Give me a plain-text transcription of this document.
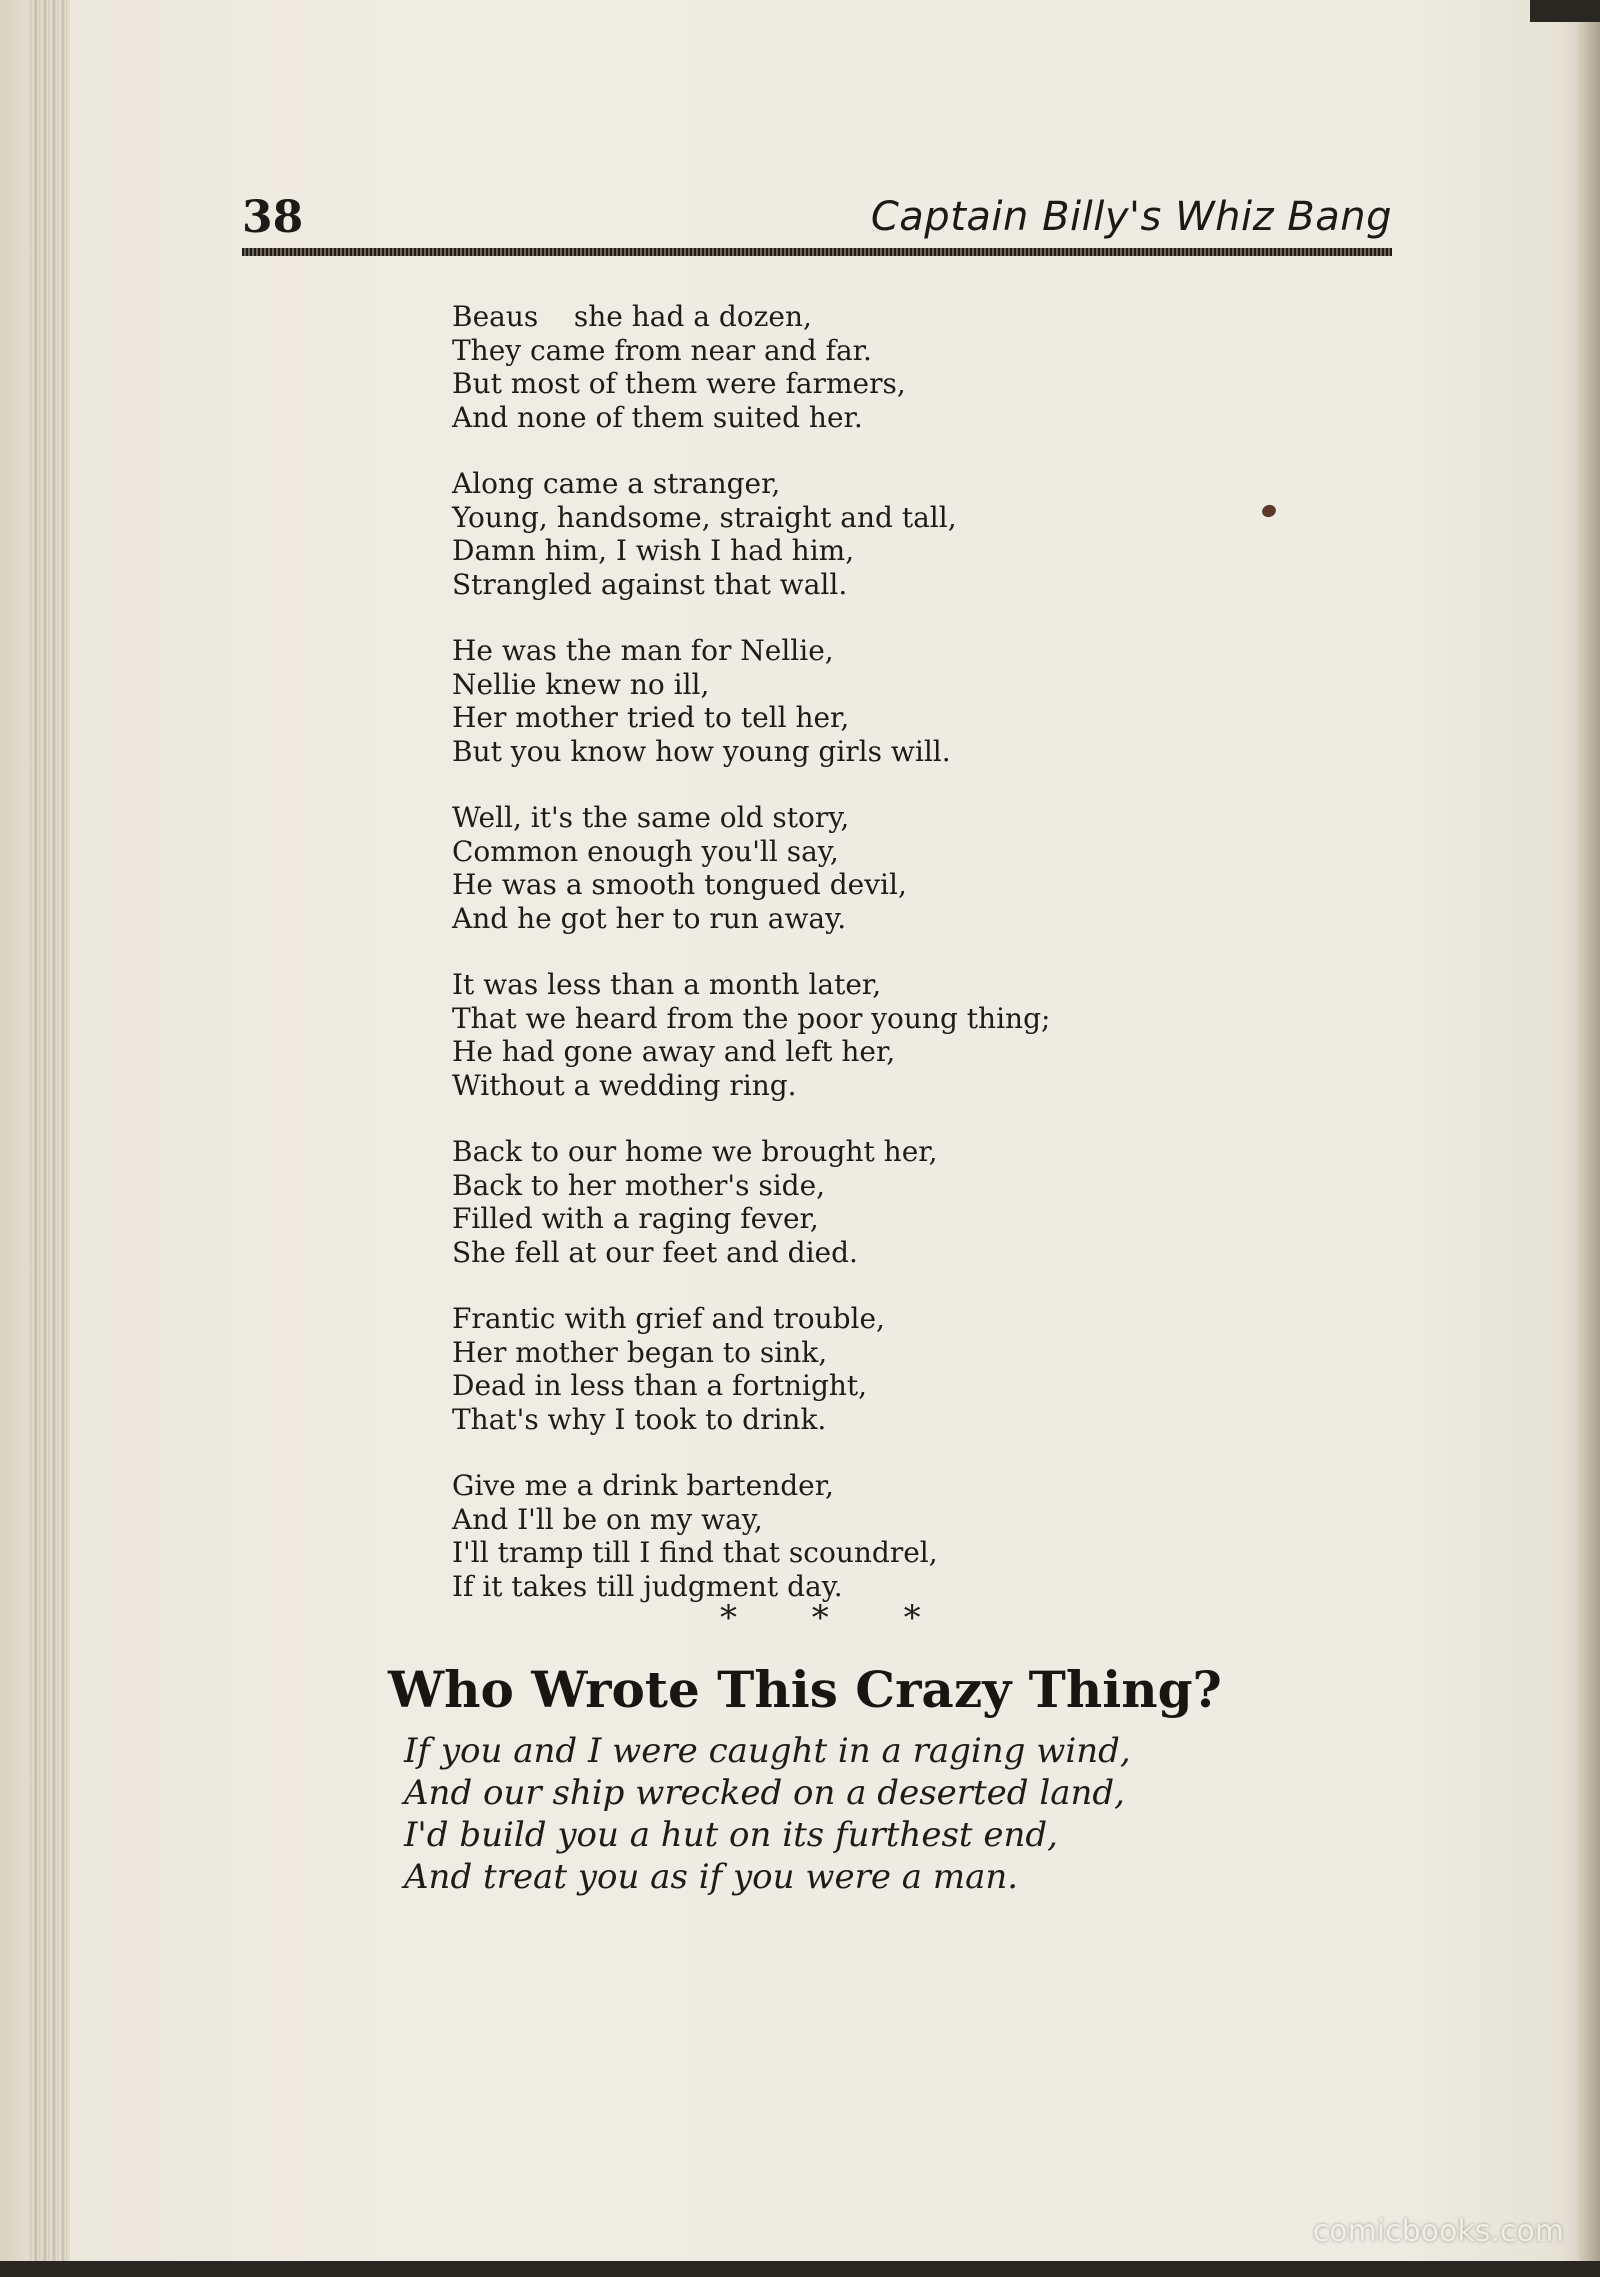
38	Captain Billy's Whiz Bang
Beaus    she had a dozen,
They came from near and far.
But most of them were farmers,
And none of them suited her.
Along came a stranger,
Young, handsome, straight and tall,
Damn him, I wish I had him,
Strangled against that wall.
He was the man for Nellie,
Nellie knew no ill,
Her mother tried to tell her,
But you know how young girls will.
Well, it's the same old story,
Common enough you'll say,
He was a smooth tongued devil,
And he got her to run away.
It was less than a month later,
That we heard from the poor young thing;
He had gone away and left her,
Without a wedding ring.
Back to our home we brought her,
Back to her mother's side,
Filled with a raging fever,
She fell at our feet and died.
Frantic with grief and trouble,
Her mother began to sink,
Dead in less than a fortnight,
That's why I took to drink.
Give me a drink bartender,
And I'll be on my way,
I'll tramp till I find that scoundrel,
If it takes till judgment day.
* * *
Who Wrote This Crazy Thing?
If you and I were caught in a raging wind,
And our ship wrecked on a deserted land,
I'd build you a hut on its furthest end,
And treat you as if you were a man.
comicbooks.com
